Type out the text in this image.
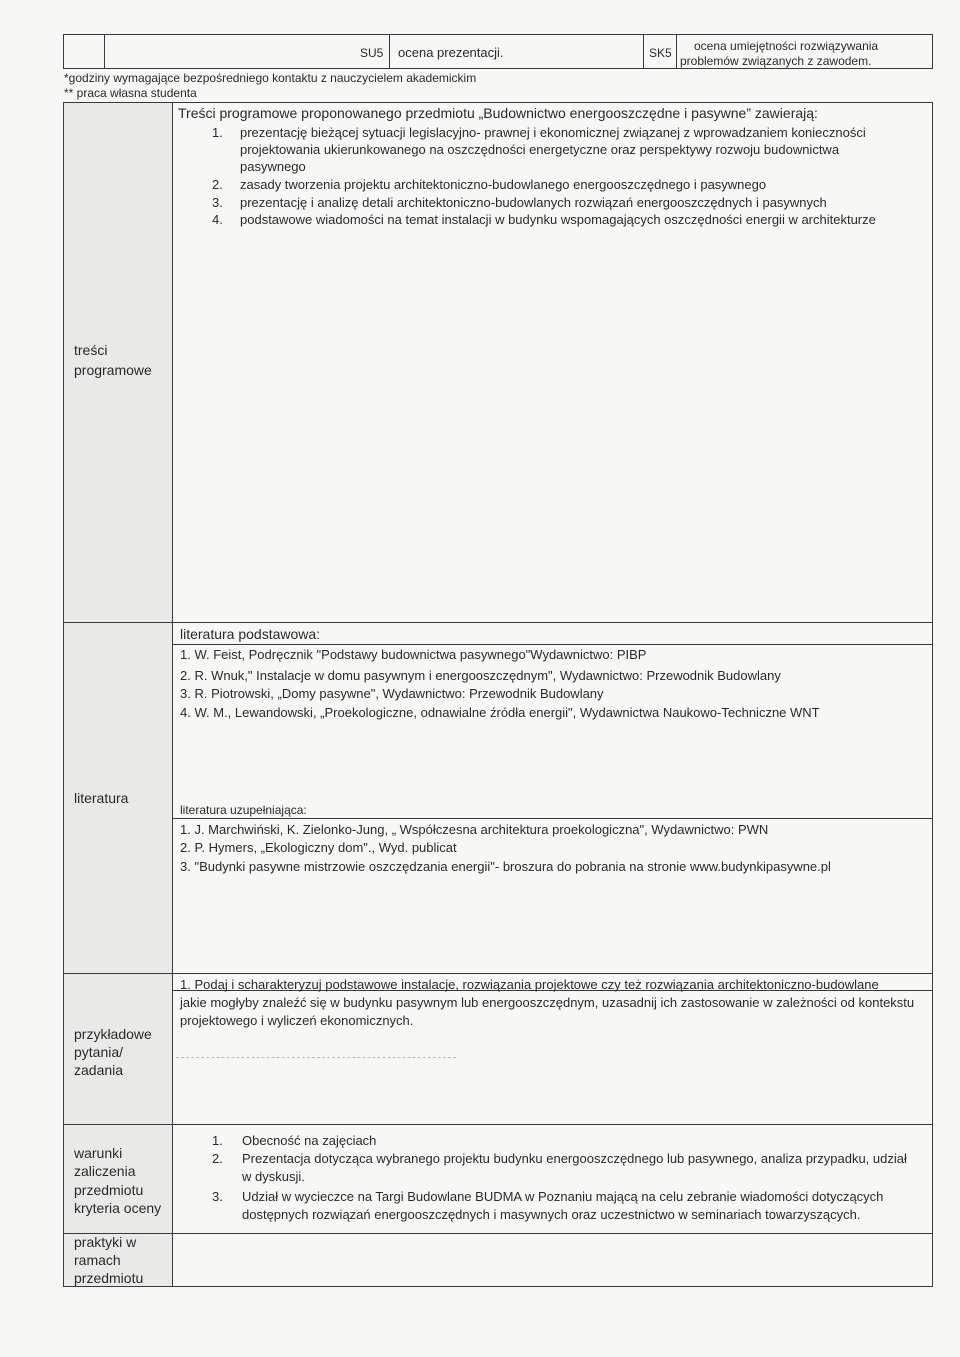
SU5 ocena prezentacji.	SK5 ocena umiejętności rozwiązywania
problemów związanych z zawodem.
*godziny wymagające bezpośredniego kontaktu z nauczycielem akademickim
** praca własna studenta
treści
programowe
Treści programowe proponowanego przedmiotu „Budownictwo energooszczędne i pasywne” zawierają:
1. prezentację bieżącej sytuacji legislacyjno- prawnej i ekonomicznej związanej z wprowadzaniem konieczności
projektowania ukierunkowanego na oszczędności energetyczne oraz perspektywy rozwoju budownictwa
pasywnego
2. zasady tworzenia projektu architektoniczno-budowlanego energooszczędnego i pasywnego
3. prezentację i analizę detali architektoniczno-budowlanych rozwiązań energooszczędnych i pasywnych
4. podstawowe wiadomości na temat instalacji w budynku wspomagających oszczędności energii w architekturze
literatura
literatura podstawowa:
1. W. Feist, Podręcznik "Podstawy budownictwa pasywnego"Wydawnictwo: PIBP
2. R. Wnuk," Instalacje w domu pasywnym i energooszczędnym", Wydawnictwo: Przewodnik Budowlany
3. R. Piotrowski, „Domy pasywne", Wydawnictwo: Przewodnik Budowlany
4. W. M., Lewandowski, „Proekologiczne, odnawialne źródła energii", Wydawnictwa Naukowo-Techniczne WNT
literatura uzupełniająca:
1. J. Marchwiński, K. Zielonko-Jung, „ Współczesna architektura proekologiczna", Wydawnictwo: PWN
2. P. Hymers, „Ekologiczny dom"., Wyd. publicat
3. "Budynki pasywne mistrzowie oszczędzania energii"- broszura do pobrania na stronie www.budynkipasywne.pl
przykładowe
pytania/
zadania
1. Podaj i scharakteryzuj podstawowe instalacje, rozwiązania projektowe czy też rozwiązania architektoniczno-budowlane
jakie mogłyby znaleźć się w budynku pasywnym lub energooszczędnym, uzasadnij ich zastosowanie w zależności od kontekstu
projektowego i wyliczeń ekonomicznych.
warunki
zaliczenia
przedmiotu
kryteria oceny
1. Obecność na zajęciach
2. Prezentacja dotycząca wybranego projektu budynku energooszczędnego lub pasywnego, analiza przypadku, udział
w dyskusji.
3. Udział w wycieczce na Targi Budowlane BUDMA w Poznaniu mającą na celu zebranie wiadomości dotyczących
dostępnych rozwiązań energooszczędnych i masywnych oraz uczestnictwo w seminariach towarzyszących.
praktyki w
ramach
przedmiotu
